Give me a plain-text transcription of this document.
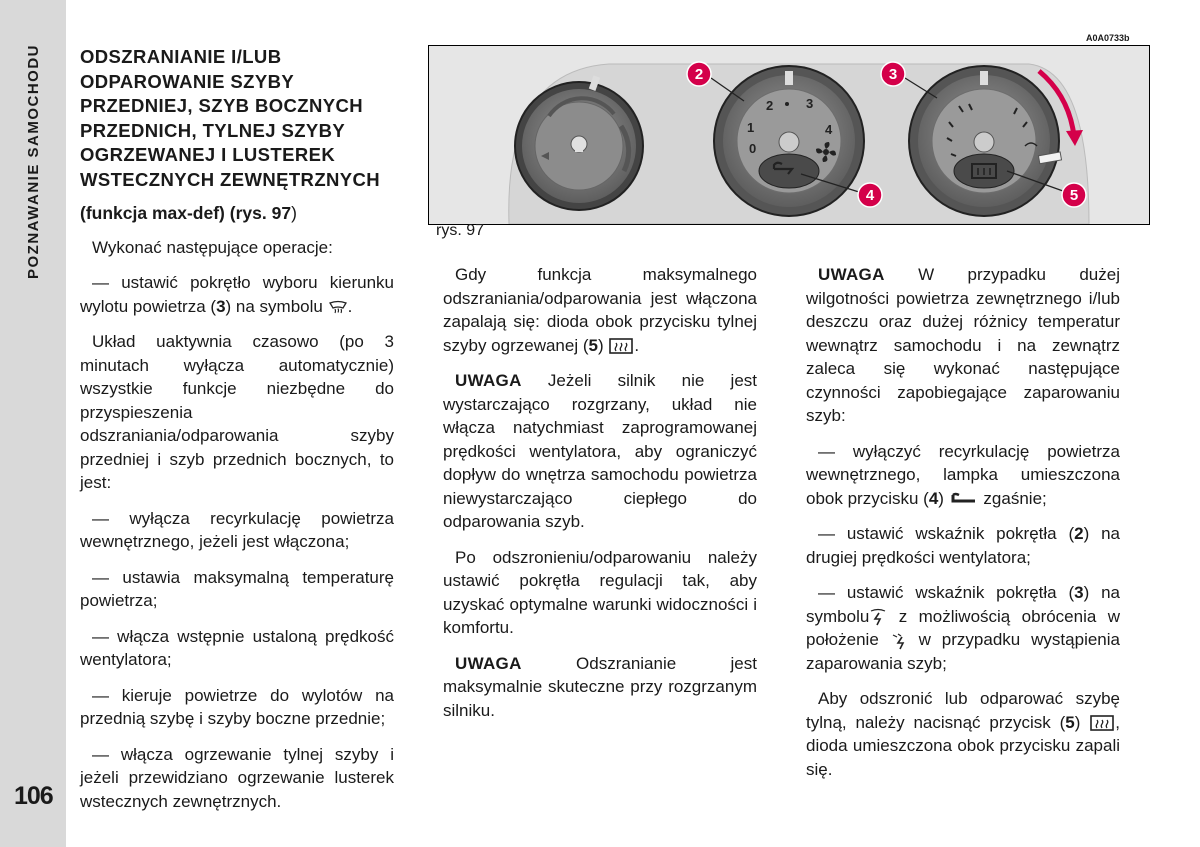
POZNAWANIE SAMOCHODU
106
ODSZRANIANIE I/LUB
ODPAROWANIE SZYBY
PRZEDNIEJ, SZYB BOCZNYCH
PRZEDNICH, TYLNEJ SZYBY
OGRZEWANEJ I LUSTEREK
WSTECZNYCH ZEWNĘTRZNYCH
(funkcja max-def) (rys. 97)

Wykonać następujące operacje:

— ustawić pokrętło wyboru kierunku wylotu powietrza (3) na symbolu .

Układ uaktywnia czasowo (po 3 minutach wyłącza automatycznie) wszystkie funkcje niezbędne do przyspieszenia odszraniania/odparowania szyby przedniej i szyb przednich bocznych, to jest:

— wyłącza recyrkulację powietrza wewnętrznego, jeżeli jest włączona;

— ustawia maksymalną temperaturę powietrza;

— włącza wstępnie ustaloną prędkość wentylatora;

— kieruje powietrze do wylotów na przednią szybę i szyby boczne przednie;

— włącza ogrzewanie tylnej szyby i jeżeli przewidziano ogrzewanie lusterek wstecznych zewnętrznych.

A0A0733b
0
1
2	3
4
2	3
4	5
rys. 97

Gdy funkcja maksymalnego odszraniania/odparowania jest włączona zapalają się: dioda obok przycisku tylnej szyby ogrzewanej (5) .

UWAGA Jeżeli silnik nie jest wystarczająco rozgrzany, układ nie włącza natychmiast zaprogramowanej prędkości wentylatora, aby ograniczyć dopływ do wnętrza samochodu powietrza niewystarczająco ciepłego do odparowania szyb.

Po odszronieniu/odparowaniu należy ustawić pokrętła regulacji tak, aby uzyskać optymalne warunki widoczności i komfortu.

UWAGA Odszranianie jest maksymalnie skuteczne przy rozgrzanym silniku.

UWAGA W przypadku dużej wilgotności powietrza zewnętrznego i/lub deszczu oraz dużej różnicy temperatur wewnątrz samochodu i na zewnątrz zaleca się wykonać następujące czynności zapobiegające zaparowaniu szyb:

— wyłączyć recyrkulację powietrza wewnętrznego, lampka umieszczona obok przycisku (4)  zgaśnie;

— ustawić wskaźnik pokrętła (2) na drugiej prędkości wentylatora;

— ustawić wskaźnik pokrętła (3) na symbolu z możliwością obrócenia w położenie  w przypadku wystąpienia zaparowania szyb;

Aby odszronić lub odparować szybę tylną, należy nacisnąć przycisk (5) , dioda umieszczona obok przycisku zapali się.
